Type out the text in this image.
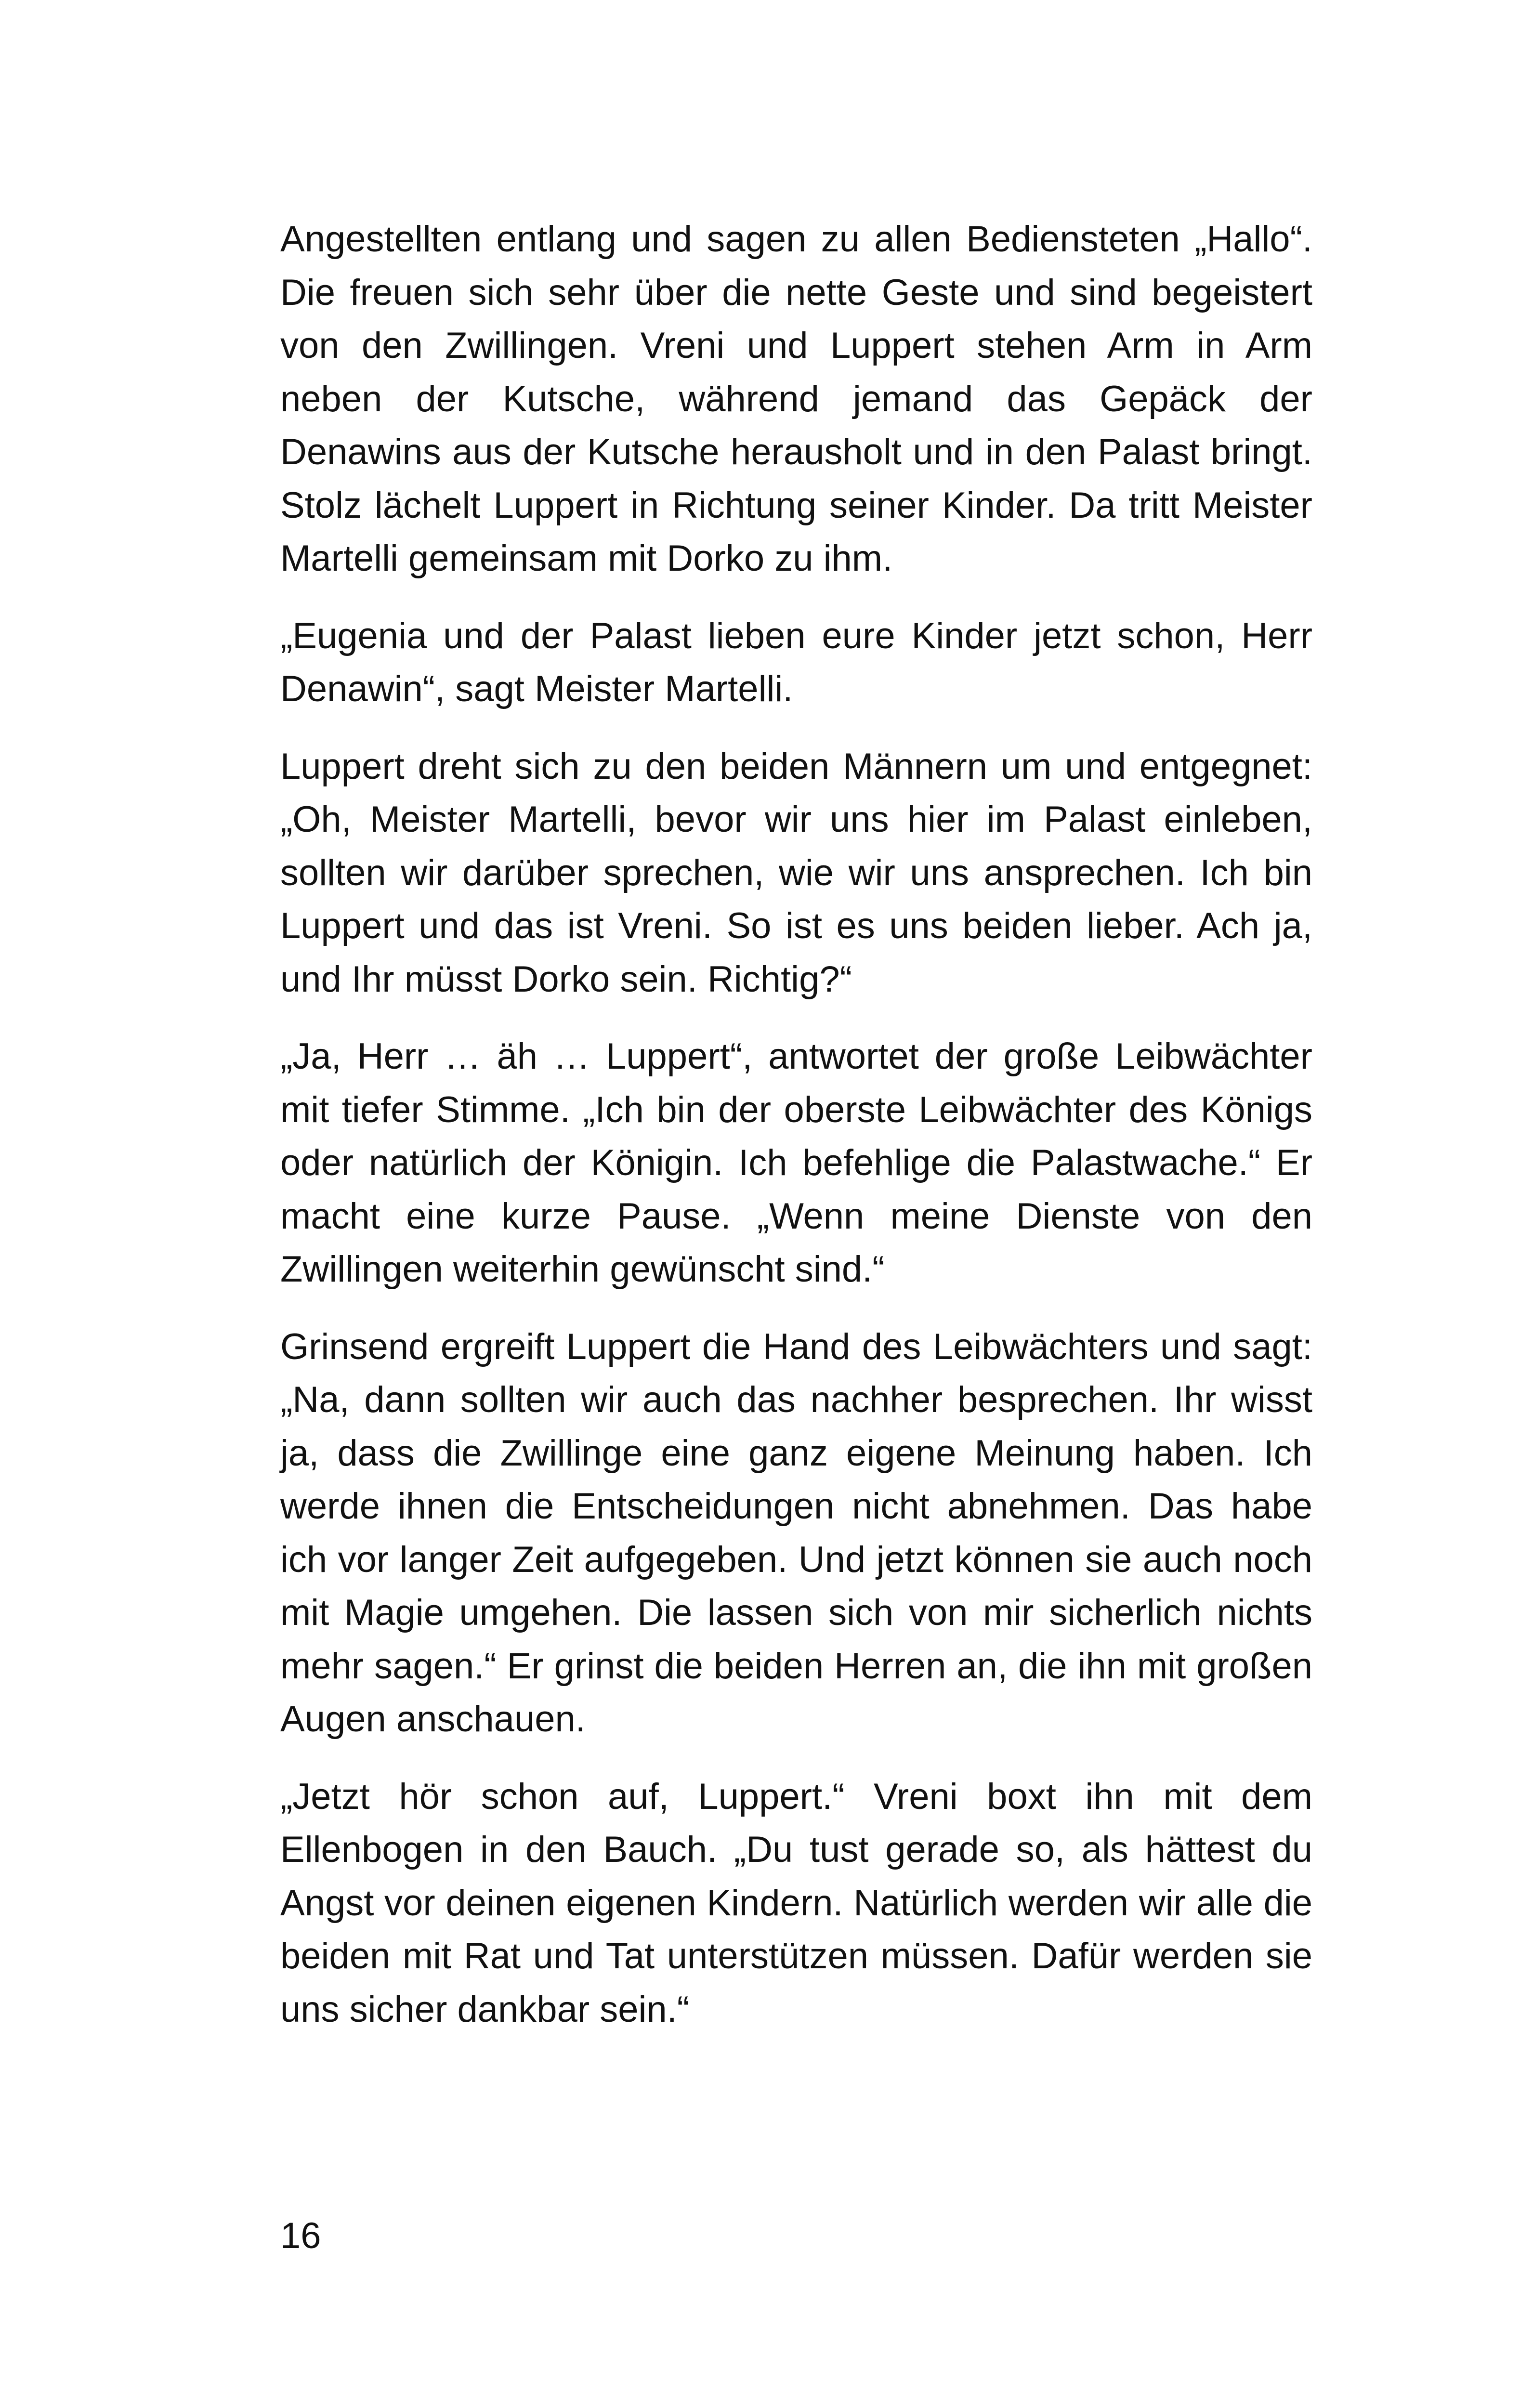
Angestellten entlang und sagen zu allen Bediensteten „Hallo“. Die freuen sich sehr über die nette Geste und sind begeistert von den Zwillingen. Vreni und Luppert stehen Arm in Arm neben der Kutsche, während jemand das Gepäck der Denawins aus der Kutsche herausholt und in den Palast bringt. Stolz lächelt Luppert in Richtung seiner Kinder. Da tritt Meister Martelli gemeinsam mit Dorko zu ihm.

„Eugenia und der Palast lieben eure Kinder jetzt schon, Herr Denawin“, sagt Meister Martelli.

Luppert dreht sich zu den beiden Männern um und entgegnet: „Oh, Meister Martelli, bevor wir uns hier im Palast einleben, sollten wir darüber sprechen, wie wir uns ansprechen. Ich bin Luppert und das ist Vreni. So ist es uns beiden lieber. Ach ja, und Ihr müsst Dorko sein. Richtig?“

„Ja, Herr … äh … Luppert“, antwortet der große Leibwächter mit tiefer Stimme. „Ich bin der oberste Leibwächter des Königs oder natürlich der Königin. Ich befehlige die Palastwache.“ Er macht eine kurze Pause. „Wenn meine Dienste von den Zwillingen weiterhin gewünscht sind.“

Grinsend ergreift Luppert die Hand des Leibwächters und sagt: „Na, dann sollten wir auch das nachher besprechen. Ihr wisst ja, dass die Zwillinge eine ganz eigene Meinung haben. Ich werde ihnen die Entscheidungen nicht abnehmen. Das habe ich vor langer Zeit aufgegeben. Und jetzt können sie auch noch mit Magie umgehen. Die lassen sich von mir sicherlich nichts mehr sagen.“ Er grinst die beiden Herren an, die ihn mit großen Augen anschauen.

„Jetzt hör schon auf, Luppert.“ Vreni boxt ihn mit dem Ellenbogen in den Bauch. „Du tust gerade so, als hättest du Angst vor deinen eigenen Kindern. Natürlich werden wir alle die beiden mit Rat und Tat unterstützen müssen. Dafür werden sie uns sicher dankbar sein.“

16
